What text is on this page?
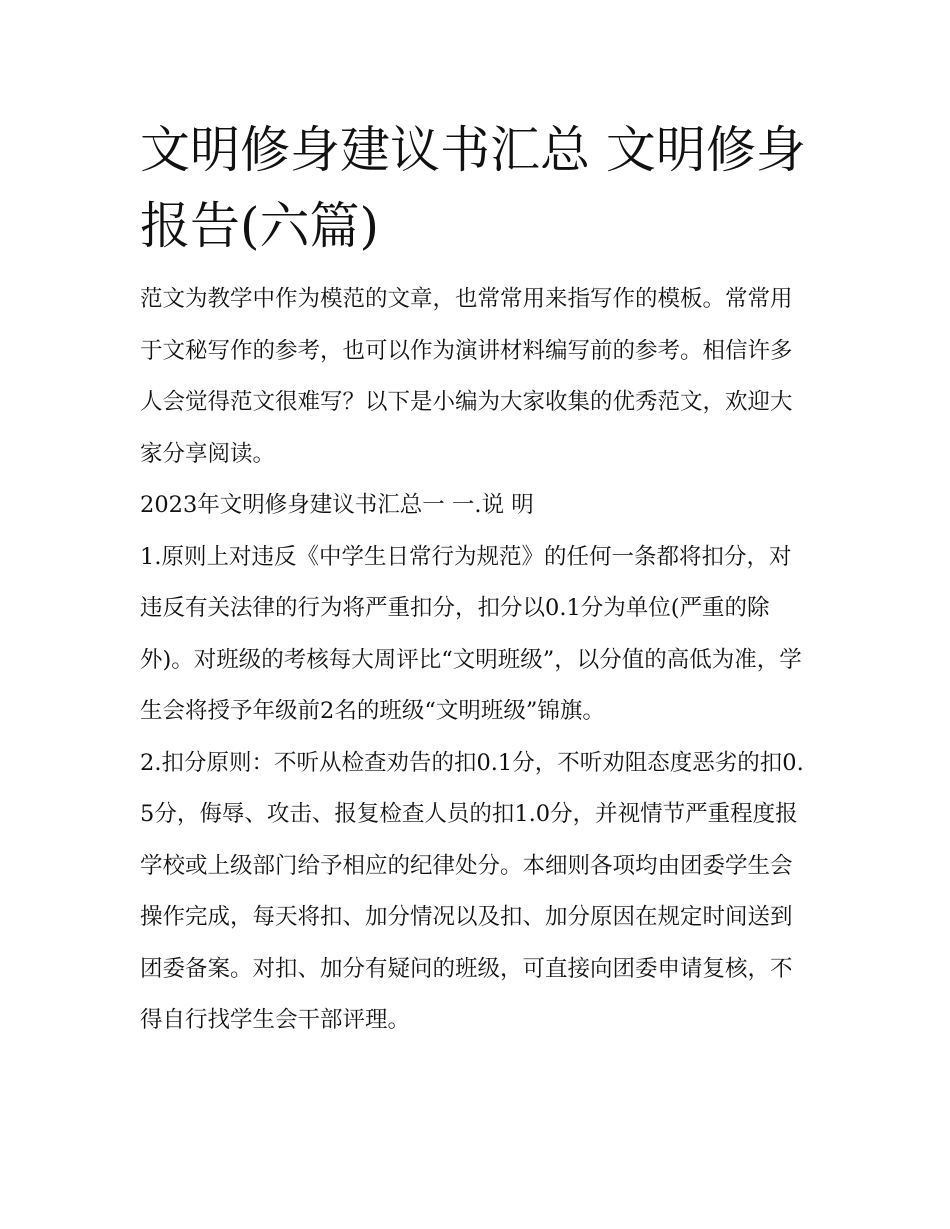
文明修身建议书汇总 文明修身报告(六篇)

范文为教学中作为模范的文章，也常常用来指写作的模板。常常用于文秘写作的参考，也可以作为演讲材料编写前的参考。相信许多人会觉得范文很难写？以下是小编为大家收集的优秀范文，欢迎大家分享阅读。

2023年文明修身建议书汇总一 一.说 明

1.原则上对违反《中学生日常行为规范》的任何一条都将扣分，对违反有关法律的行为将严重扣分，扣分以0.1分为单位(严重的除外)。对班级的考核每大周评比“文明班级”，以分值的高低为准，学生会将授予年级前2名的班级“文明班级”锦旗。

2.扣分原则：不听从检查劝告的扣0.1分，不听劝阻态度恶劣的扣0.5分，侮辱、攻击、报复检查人员的扣1.0分，并视情节严重程度报学校或上级部门给予相应的纪律处分。本细则各项均由团委学生会操作完成，每天将扣、加分情况以及扣、加分原因在规定时间送到团委备案。对扣、加分有疑问的班级，可直接向团委申请复核，不得自行找学生会干部评理。
